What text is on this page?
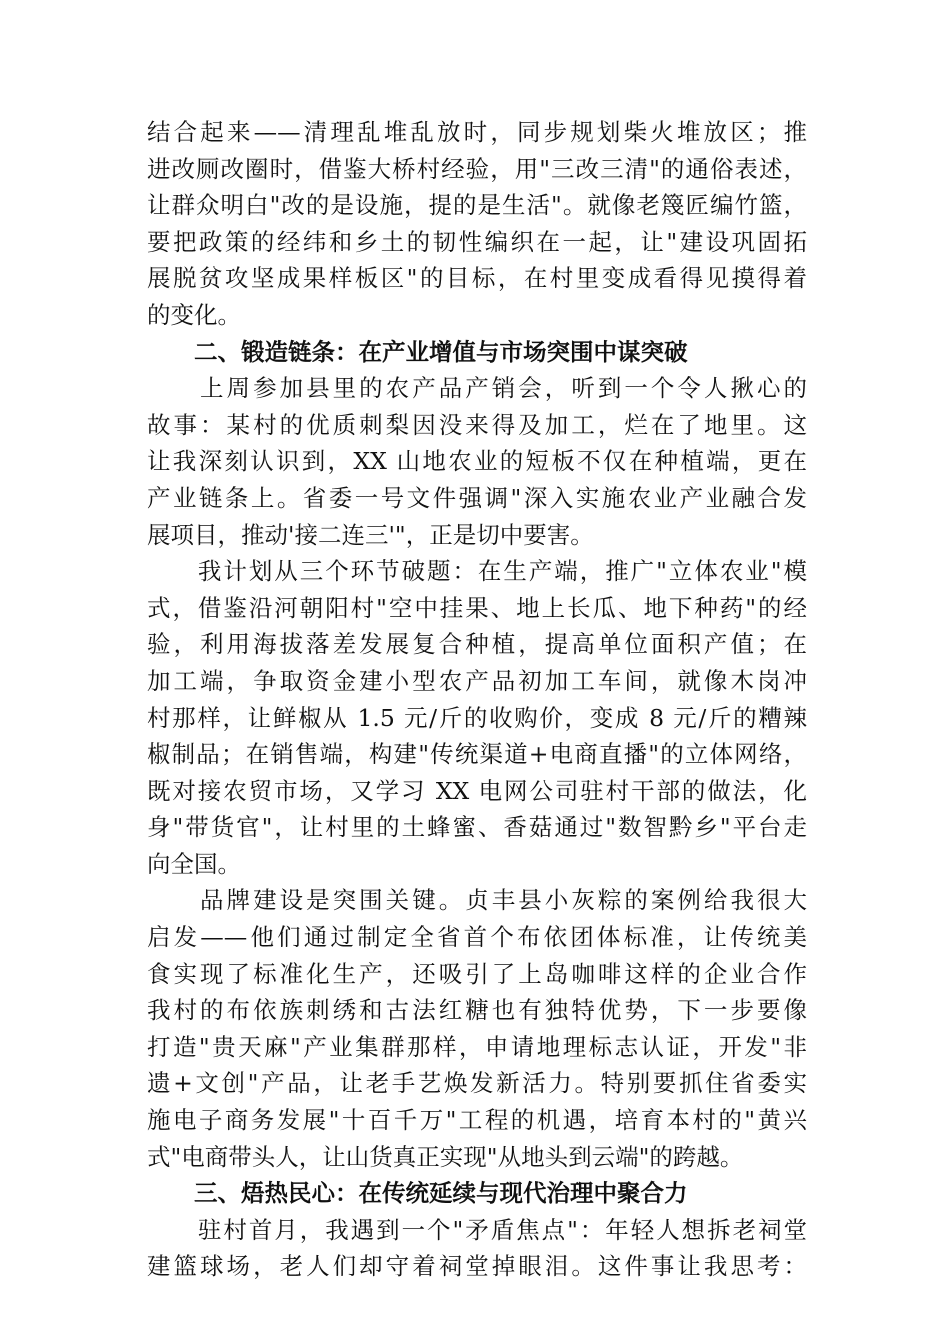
结合起来——清理乱堆乱放时，同步规划柴火堆放区；推
进改厕改圈时，借鉴大桥村经验，用"三改三清"的通俗表述，
让群众明白"改的是设施，提的是生活"。就像老篾匠编竹篮，
要把政策的经纬和乡土的韧性编织在一起，让"建设巩固拓
展脱贫攻坚成果样板区"的目标，在村里变成看得见摸得着
的变化。
二、锻造链条：在产业增值与市场突围中谋突破
　　上周参加县里的农产品产销会，听到一个令人揪心的
故事：某村的优质刺梨因没来得及加工，烂在了地里。这
让我深刻认识到，XX 山地农业的短板不仅在种植端，更在
产业链条上。省委一号文件强调"深入实施农业产业融合发
展项目，推动'接二连三'"，正是切中要害。
　　我计划从三个环节破题：在生产端，推广"立体农业"模
式，借鉴沿河朝阳村"空中挂果、地上长瓜、地下种药"的经
验，利用海拔落差发展复合种植，提高单位面积产值；在
加工端，争取资金建小型农产品初加工车间，就像木岗冲
村那样，让鲜椒从 1.5 元/斤的收购价，变成 8 元/斤的糟辣
椒制品；在销售端，构建"传统渠道+电商直播"的立体网络，
既对接农贸市场，又学习 XX 电网公司驻村干部的做法，化
身"带货官"，让村里的土蜂蜜、香菇通过"数智黔乡"平台走
向全国。
　　品牌建设是突围关键。贞丰县小灰粽的案例给我很大
启发——他们通过制定全省首个布依团体标准，让传统美
食实现了标准化生产，还吸引了上岛咖啡这样的企业合作
我村的布依族刺绣和古法红糖也有独特优势，下一步要像
打造"贵天麻"产业集群那样，申请地理标志认证，开发"非
遗+文创"产品，让老手艺焕发新活力。特别要抓住省委实
施电子商务发展"十百千万"工程的机遇，培育本村的"黄兴
式"电商带头人，让山货真正实现"从地头到云端"的跨越。
三、焐热民心：在传统延续与现代治理中聚合力
　　驻村首月，我遇到一个"矛盾焦点"：年轻人想拆老祠堂
建篮球场，老人们却守着祠堂掉眼泪。这件事让我思考：
